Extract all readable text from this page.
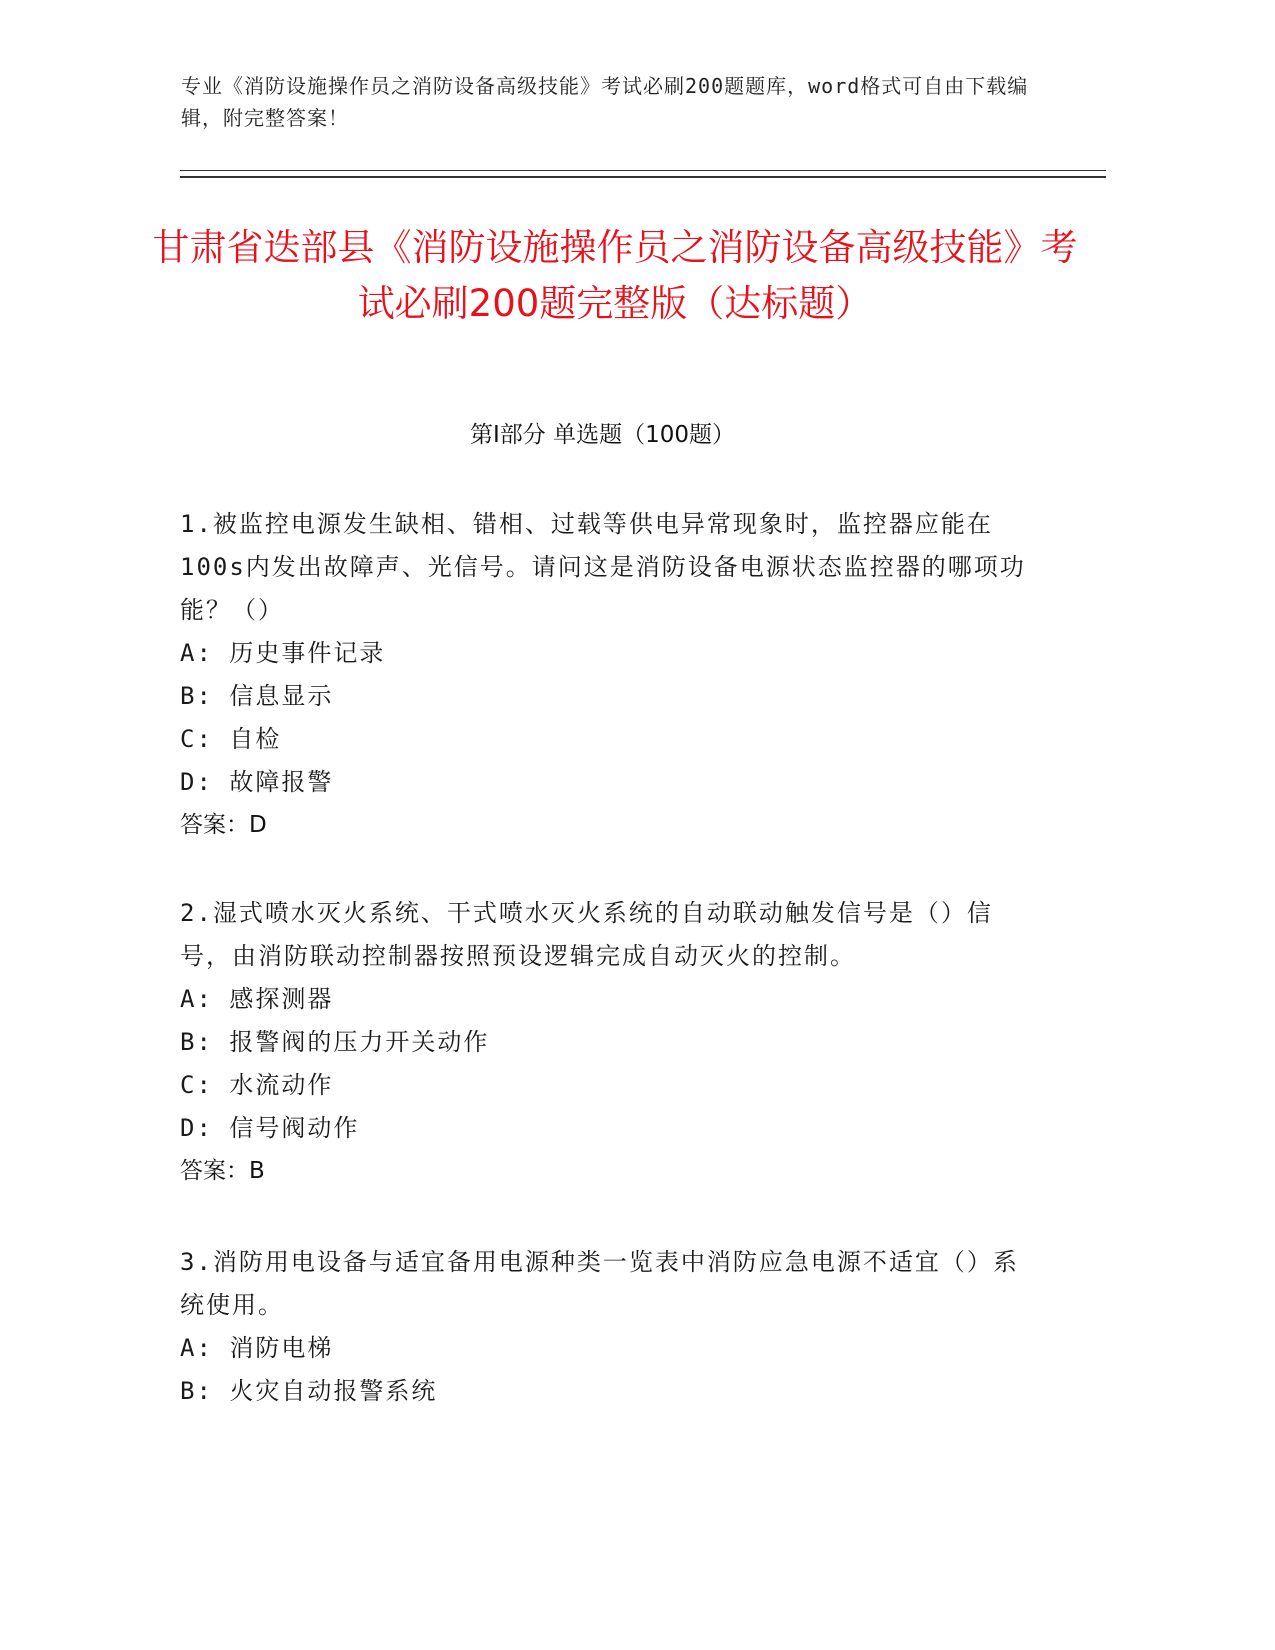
专业《消防设施操作员之消防设备高级技能》考试必刷200题题库，word格式可自由下载编辑，附完整答案！
甘肃省迭部县《消防设施操作员之消防设备高级技能》考试必刷200题完整版（达标题）
第Ⅰ部分 单选题（100题）
1.被监控电源发生缺相、错相、过载等供电异常现象时，监控器应能在100s内发出故障声、光信号。请问这是消防设备电源状态监控器的哪项功能？（）
A: 历史事件记录
B: 信息显示
C: 自检
D: 故障报警
答案：D
2.湿式喷水灭火系统、干式喷水灭火系统的自动联动触发信号是（）信号，由消防联动控制器按照预设逻辑完成自动灭火的控制。
A: 感探测器
B: 报警阀的压力开关动作
C: 水流动作
D: 信号阀动作
答案：B
3.消防用电设备与适宜备用电源种类一览表中消防应急电源不适宜（）系统使用。
A: 消防电梯
B: 火灾自动报警系统
